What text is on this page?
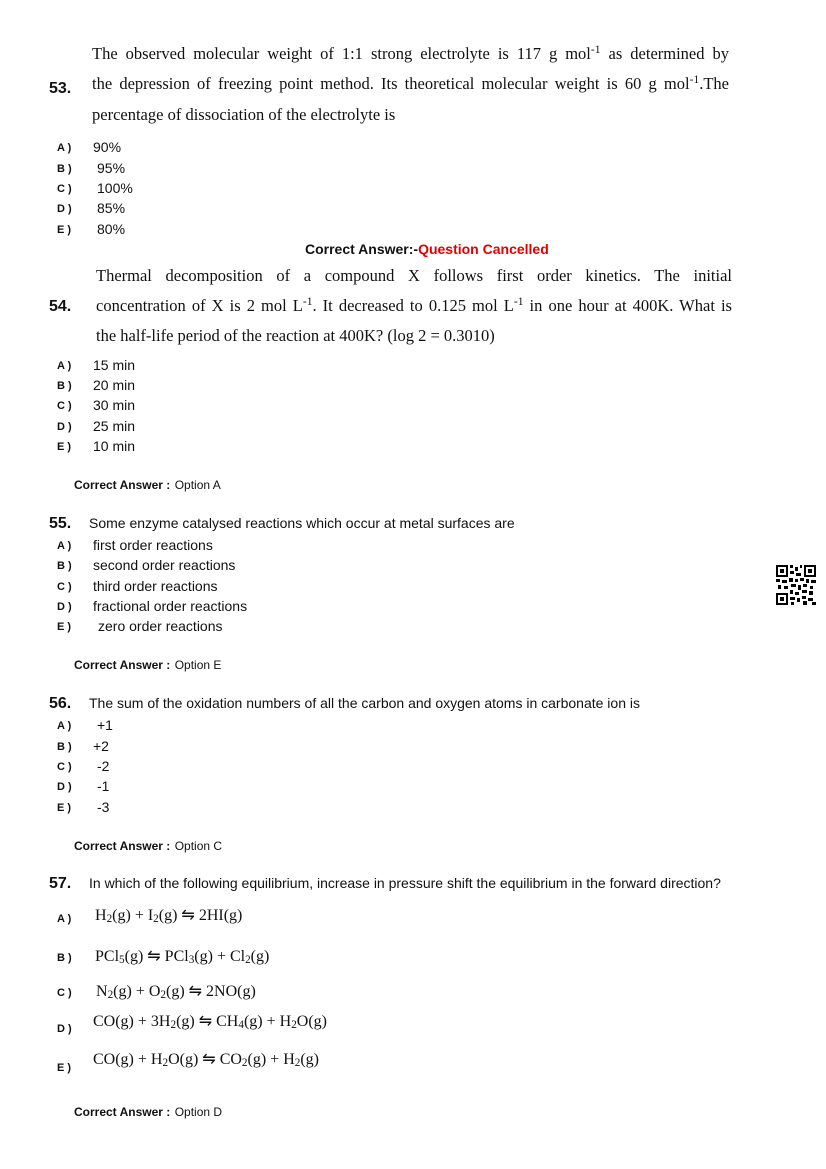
53.
The observed molecular weight of 1:1 strong electrolyte is 117 g mol$^{-1}$ as determined by
the depression of freezing point method. Its theoretical molecular weight is 60 g mol$^{-1}$.The
percentage of dissociation of the electrolyte is
A ) 90%
B ) 95%
C ) 100%
D ) 85%
E ) 80%
Correct Answer:-Question Cancelled
54.
Thermal decomposition of a compound X follows first order kinetics. The initial
concentration of X is 2 mol $L^{-1}$. It decreased to 0.125 mol $L^{-1}$ in one hour at 400K. What is
the half-life period of the reaction at 400K? (log 2 = 0.3010)
A ) 15 min
B ) 20 min
C ) 30 min
D ) 25 min
E ) 10 min
Correct Answer : Option A
55. Some enzyme catalysed reactions which occur at metal surfaces are
A ) first order reactions
B ) second order reactions
C ) third order reactions
D ) fractional order reactions
E ) zero order reactions
Correct Answer : Option E
56. The sum of the oxidation numbers of all the carbon and oxygen atoms in carbonate ion is
A ) +1
B ) +2
C ) -2
D ) -1
E ) -3
Correct Answer : Option C
57. In which of the following equilibrium, increase in pressure shift the equilibrium in the forward direction?
A ) $H_2(g) + I_2(g)$ ⇋ 2HI(g)
B ) PCl$_5$(g) ⇋ $PCl_3(g) + Cl_2(g)$
C ) $N_2(g) + O_2(g)$ ⇋ 2NO(g)
D ) $CO(g) + 3H_2(g)$ ⇋ $CH_4(g) + H_2O(g)$
E ) $CO(g) + H_2O(g)$ ⇋ $CO_2(g) + H_2(g)$
Correct Answer : Option D
